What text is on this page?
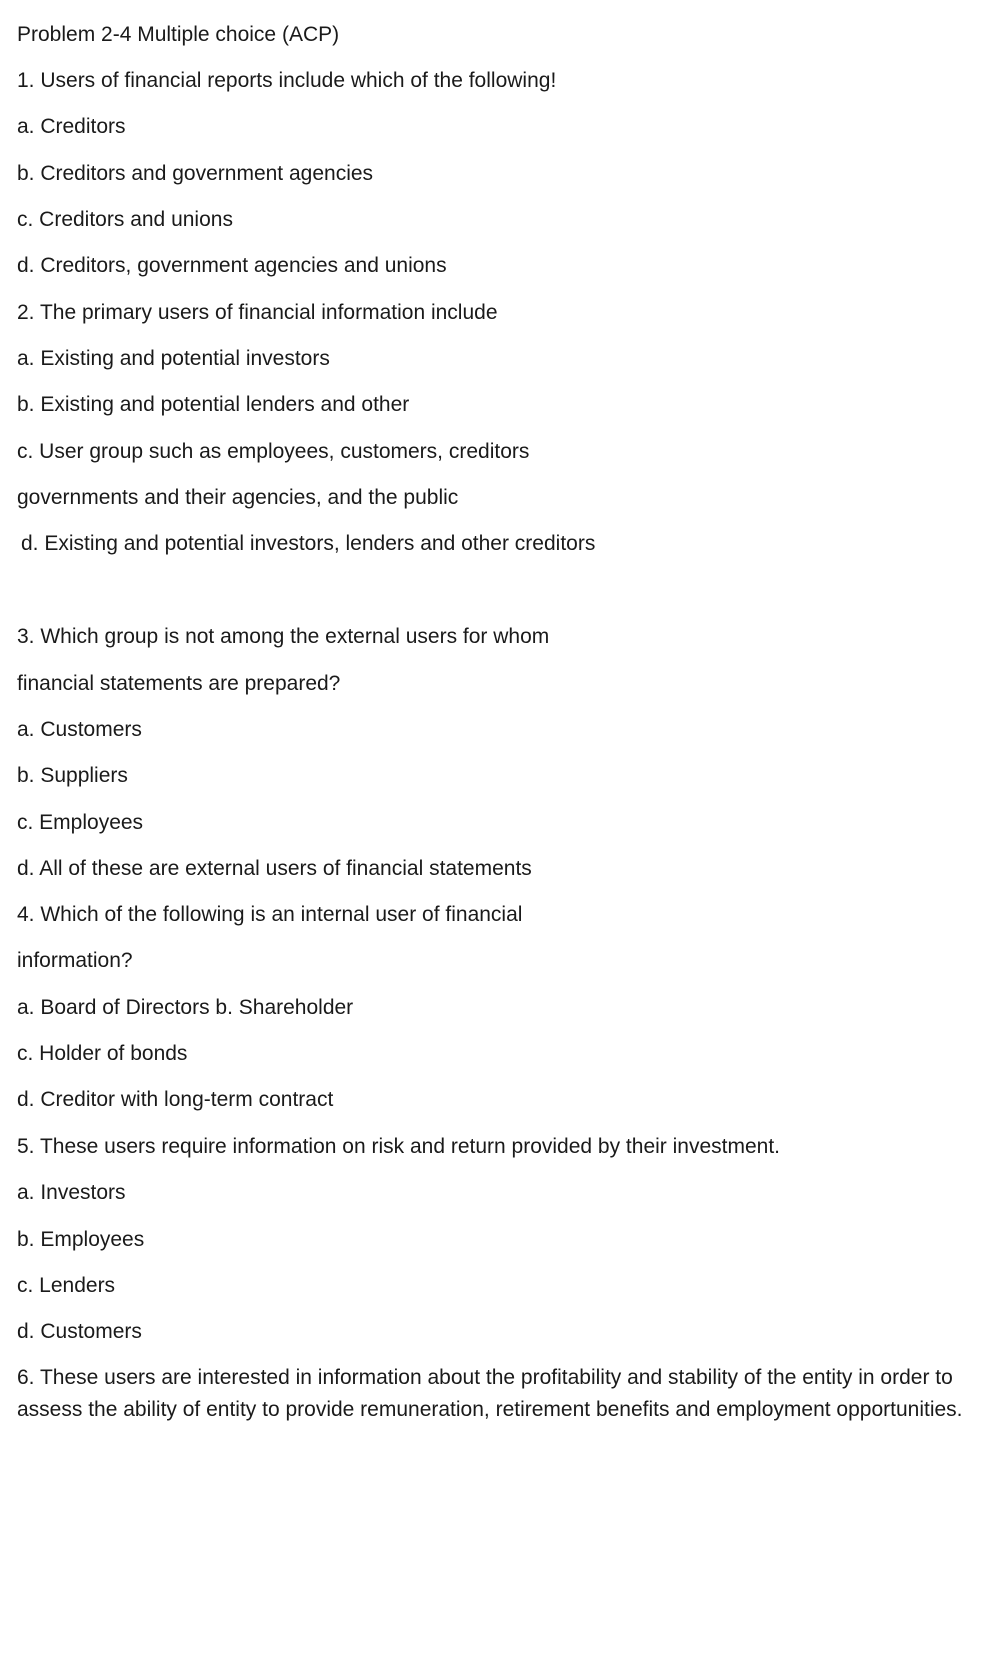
Problem 2-4 Multiple choice (ACP)
1. Users of financial reports include which of the following!
a. Creditors
b. Creditors and government agencies
c. Creditors and unions
d. Creditors, government agencies and unions
2. The primary users of financial information include
a. Existing and potential investors
b. Existing and potential lenders and other
c. User group such as employees, customers, creditors
governments and their agencies, and the public
d. Existing and potential investors, lenders and other creditors
3. Which group is not among the external users for whom
financial statements are prepared?
a. Customers
b. Suppliers
c. Employees
d. All of these are external users of financial statements
4. Which of the following is an internal user of financial
information?
a. Board of Directors b. Shareholder
c. Holder of bonds
d. Creditor with long-term contract
5. These users require information on risk and return provided by their investment.
a. Investors
b. Employees
c. Lenders
d. Customers
6. These users are interested in information about the profitability and stability of the entity in order to assess the ability of entity to provide remuneration, retirement benefits and employment opportunities.
